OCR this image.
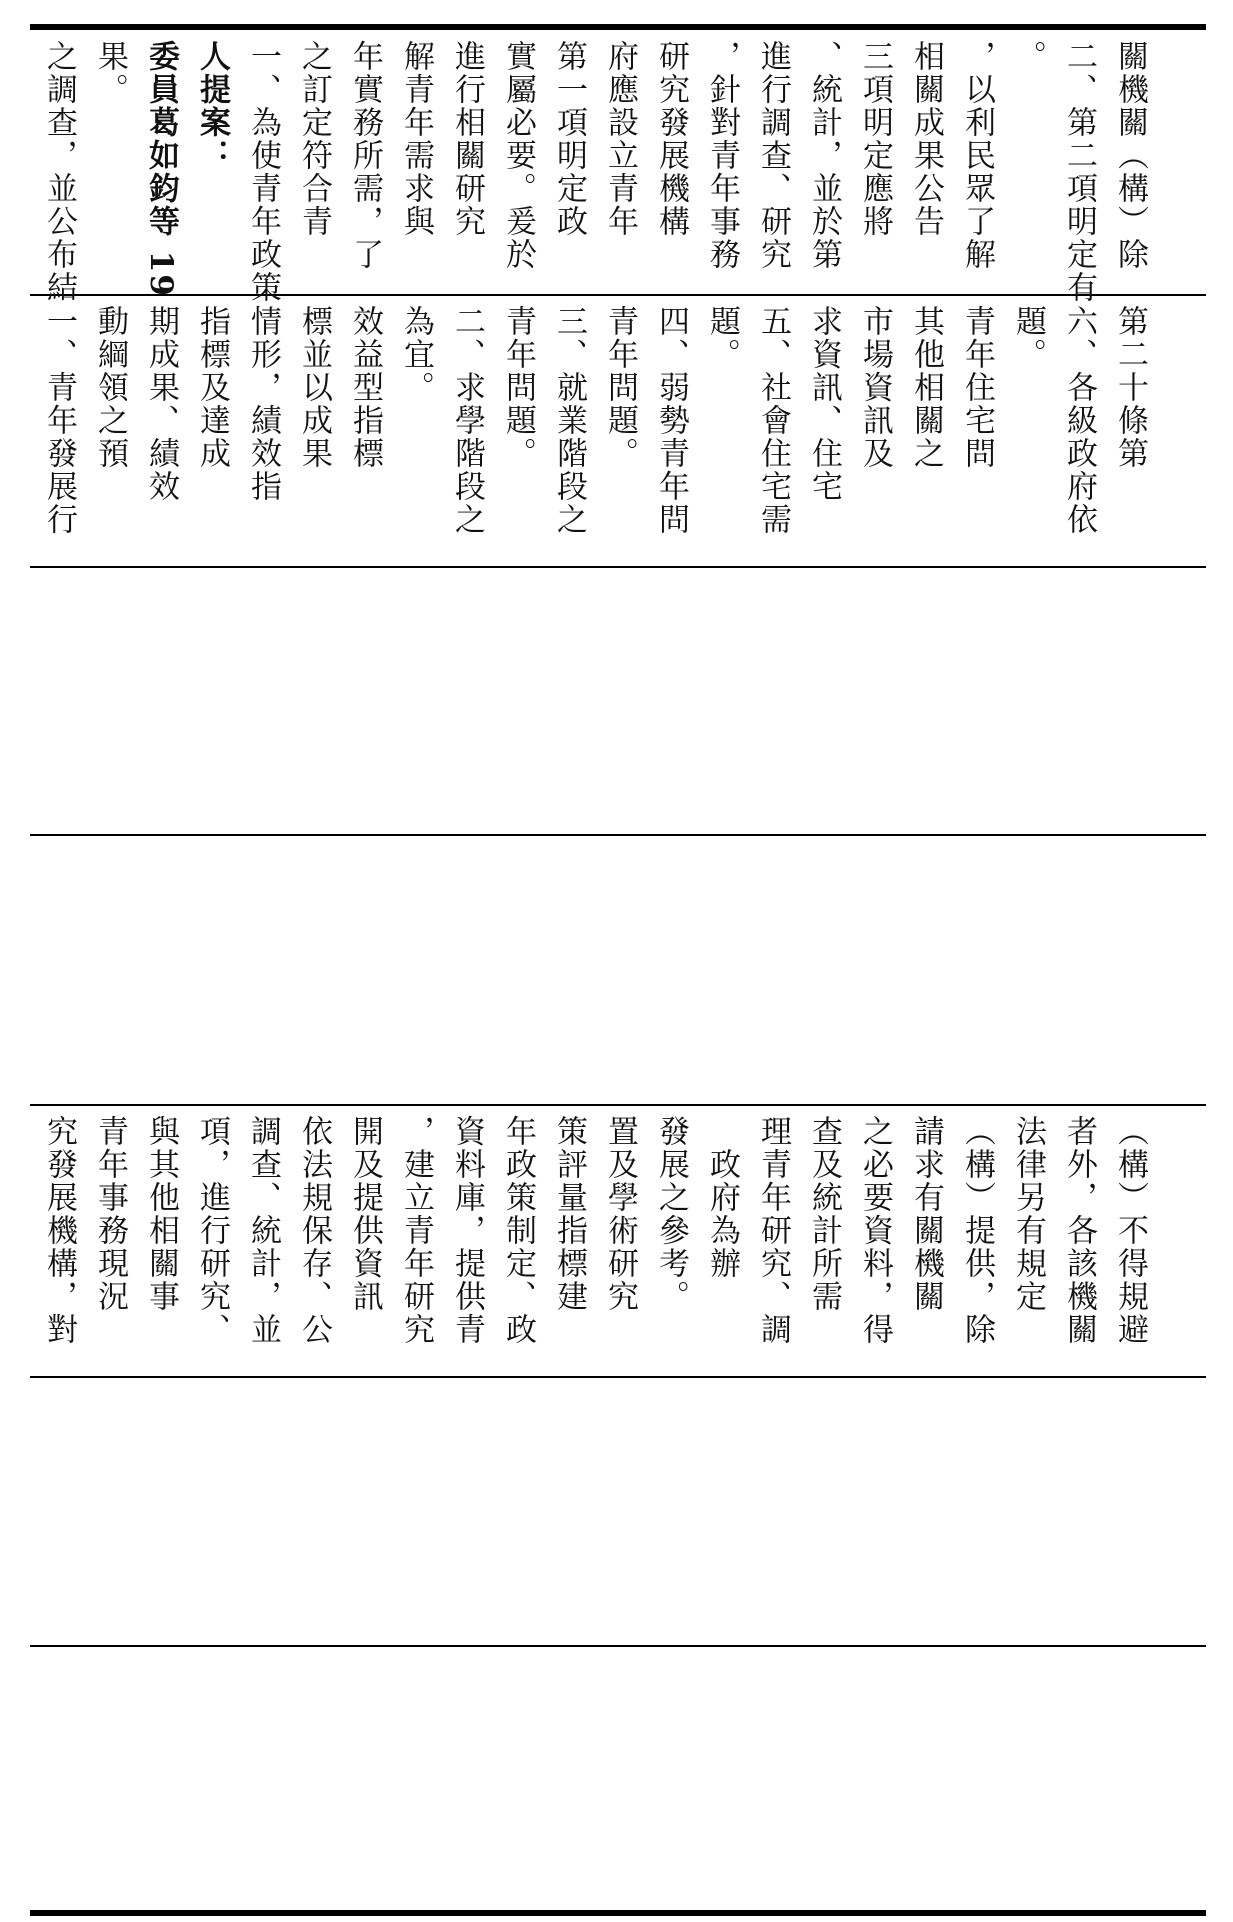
之調查，並公布結 果。 委員葛如鈞等 19 人提案： 一、為使青年政策 之訂定符合青 年實務所需，了 解青年需求與 進行相關研究 實屬必要。爰於 第一項明定政 府應設立青年 研究發展機構 ，針對青年事務 進行調查、研究 、統計，並於第 三項明定應將 相關成果公告 ，以利民眾了解 。 二、第二項明定有 關機關（構）除
一、青年發展行 動綱領之預 期成果、績效 指標及達成 情形，績效指 標並以成果 效益型指標 為宜。 二、求學階段之 青年問題。 三、就業階段之 青年問題。 四、弱勢青年問 題。 五、社會住宅需 求資訊、住宅 市場資訊及 其他相關之 青年住宅問 題。 六、各級政府依 第二十條第
究發展機構，對 青年事務現況 與其他相關事 項，進行研究、 調查、統計，並 依法規保存、公 開及提供資訊 ，建立青年研究 資料庫，提供青 年政策制定、政 策評量指標建 置及學術研究 發展之參考。 　政府為辦 理青年研究、調 查及統計所需 之必要資料，得 請求有關機關 （構）提供，除 法律另有規定 者外，各該機關 （構）不得規避
